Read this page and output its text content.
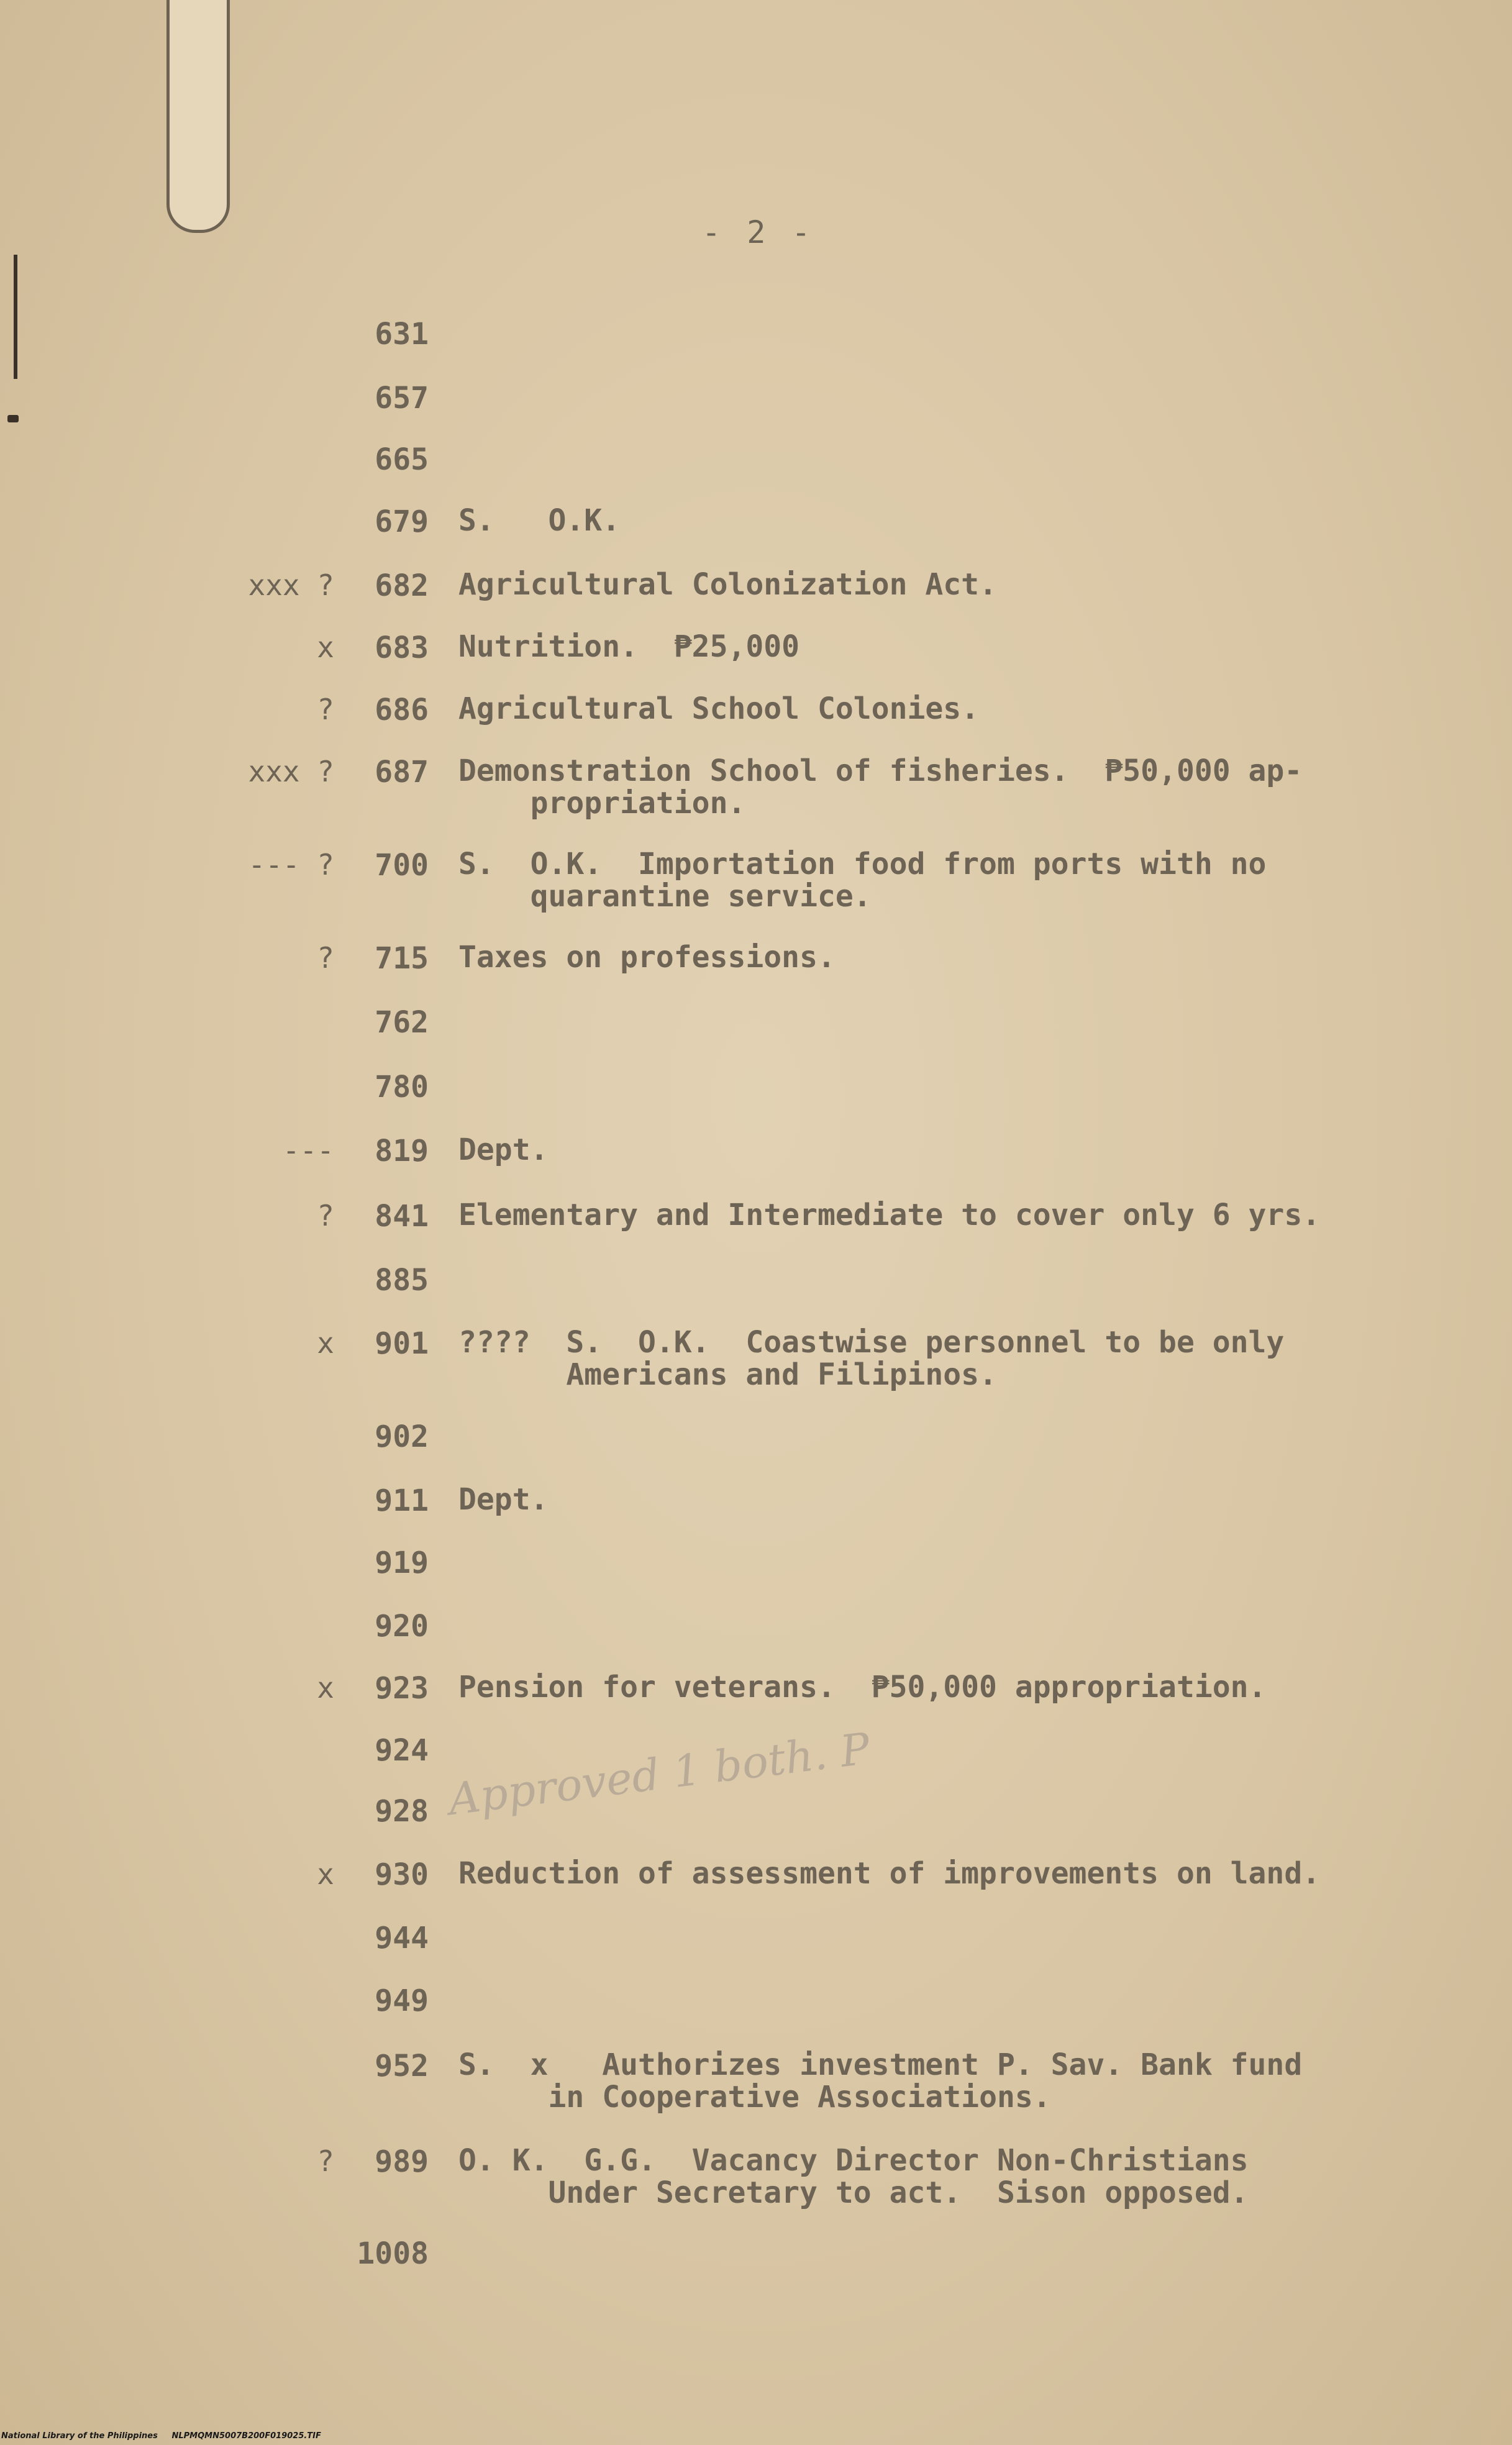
- 2 -
631
657
665
679 S.   O.K.
xxx ? 682 Agricultural Colonization Act.
x 683 Nutrition.  ₱25,000
? 686 Agricultural School Colonies.
xxx ? 687 Demonstration School of fisheries.  ₱50,000 ap-
propriation.
--- ? 700 S.  O.K.  Importation food from ports with no
quarantine service.
? 715 Taxes on professions.
762
780
--- 819 Dept.
? 841 Elementary and Intermediate to cover only 6 yrs.
885
x 901 ????  S.  O.K.  Coastwise personnel to be only
Americans and Filipinos.
902
911 Dept.
919
920
x 923 Pension for veterans.  ₱50,000 appropriation.
924
928
x 930 Reduction of assessment of improvements on land.
944
949
952 S.  x   Authorizes investment P. Sav. Bank fund
in Cooperative Associations.
? 989 O. K.  G.G.  Vacancy Director Non-Christians
Under Secretary to act.  Sison opposed.
1008
Approved 1 both. P
National Library of the Philippines     NLPMQMN5007B200F019025.TIF
